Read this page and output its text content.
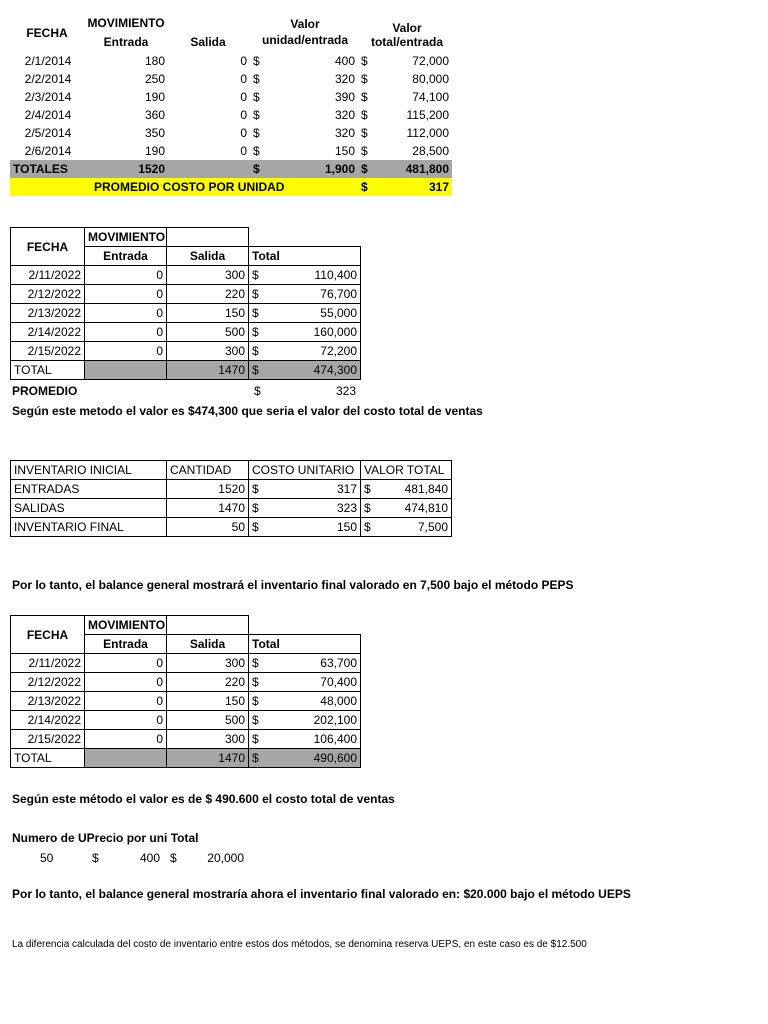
FECHA
MOVIMIENTO
Entrada	Salida
Valor
unidad/entrada
Valor
total/entrada
2/1/2014	180	0	$	400	$	72,000
2/2/2014	250	0	$	320	$	80,000
2/3/2014	190	0	$	390	$	74,100
2/4/2014	360	0	$	320	$	115,200
2/5/2014	350	0	$	320	$	112,000
2/6/2014	190	0	$	150	$	28,500
TOTALES	1520		$	1,900	$	481,800
	PROMEDIO COSTO POR UNIDAD				$	317
FECHA	MOVIMIENTO		
	Entrada	Salida	Total
2/11/2022	0	300	$ 110,400

2/12/2022	0	220	$ 76,700

2/13/2022	0	150	$ 55,000

2/14/2022	0	500	$ 160,000

2/15/2022	0	300	$ 72,200

TOTAL		1470	$ 474,300
PROMEDIO	$	323
Según este metodo el valor es $474,300 que seria el valor del costo total de ventas
INVENTARIO INICIAL	CANTIDAD	COSTO UNITARIO	VALOR TOTAL
ENTRADAS	1520	$ 317	$ 481,840

SALIDAS	1470	$ 323	$ 474,810

INVENTARIO FINAL	50	$ 150	$ 7,500
Por lo tanto, el balance general mostrará el inventario final valorado en 7,500 bajo el método PEPS
FECHA	MOVIMIENTO		
	Entrada	Salida	Total
2/11/2022	0	300	$ 63,700

2/12/2022	0	220	$ 70,400

2/13/2022	0	150	$ 48,000

2/14/2022	0	500	$ 202,100

2/15/2022	0	300	$ 106,400

TOTAL		1470	$ 490,600
Según este método el valor es de $ 490.600 el costo total de ventas
Numero de UPrecio por uni Total
50	$	400 $	20,000
Por lo tanto, el balance general mostraría ahora el inventario final valorado en: $20.000 bajo el método UEPS
La diferencia calculada del costo de inventario entre estos dos métodos, se denomina reserva UEPS, en este caso es de $12.500
